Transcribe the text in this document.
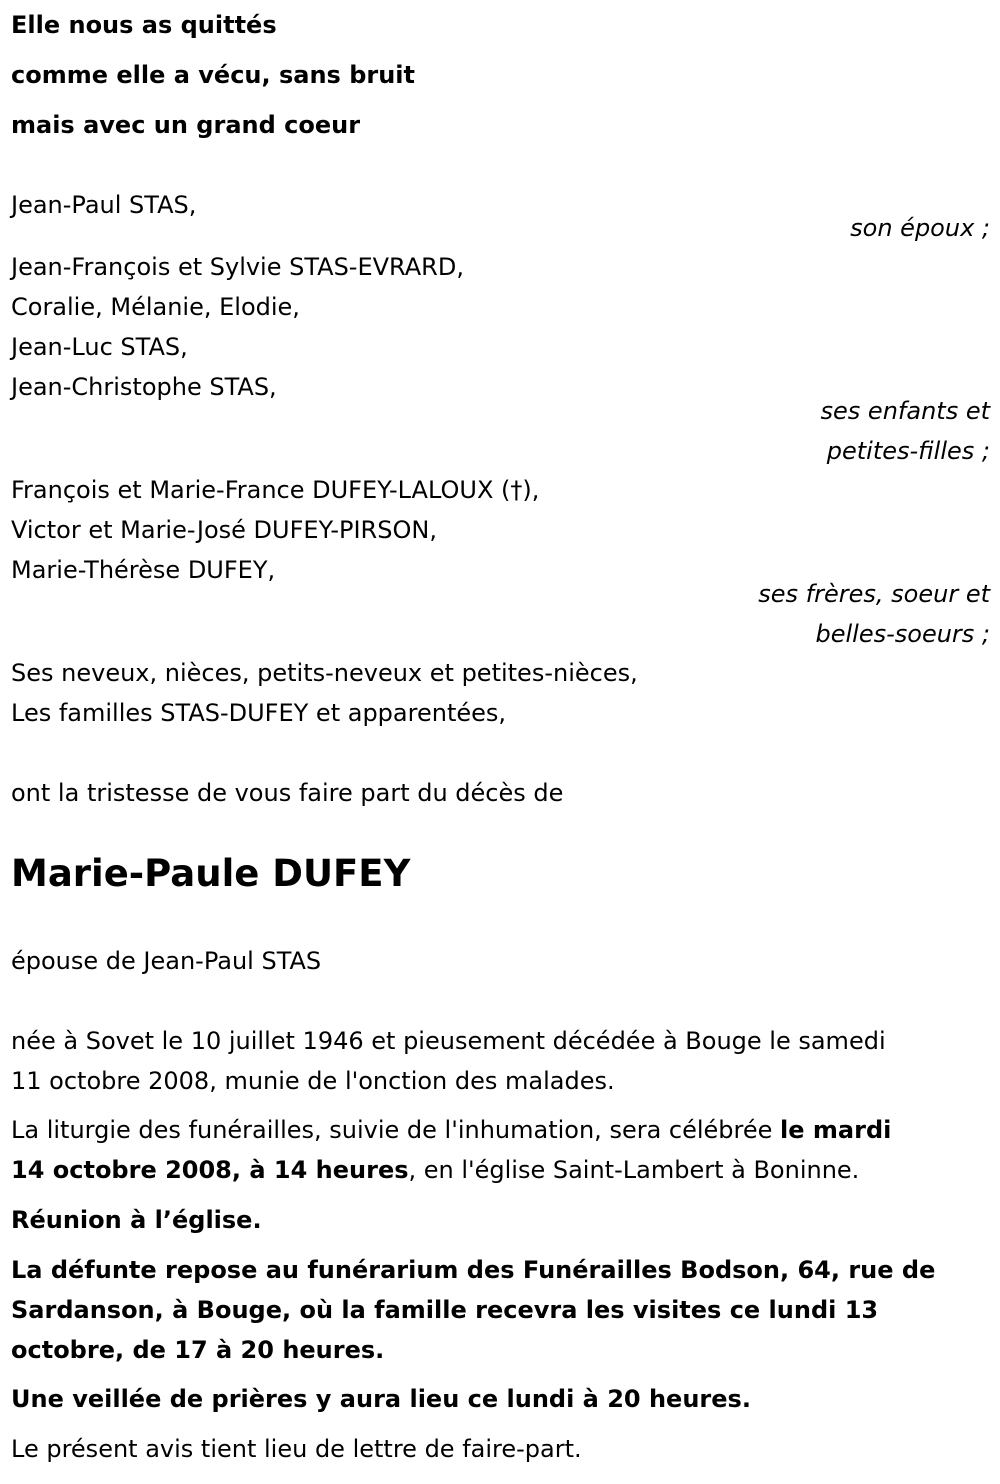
Elle nous as quittés
comme elle a vécu, sans bruit
mais avec un grand coeur
Jean-Paul STAS,
son époux ;
Jean-François et Sylvie STAS-EVRARD,
Coralie, Mélanie, Elodie,
Jean-Luc STAS,
Jean-Christophe STAS,
ses enfants et
petites-filles ;
François et Marie-France DUFEY-LALOUX (†),
Victor et Marie-José DUFEY-PIRSON,
Marie-Thérèse DUFEY,
ses frères, soeur et
belles-soeurs ;
Ses neveux, nièces, petits-neveux et petites-nièces,
Les familles STAS-DUFEY et apparentées,
ont la tristesse de vous faire part du décès de
Marie-Paule DUFEY
épouse de Jean-Paul STAS
née à Sovet le 10 juillet 1946 et pieusement décédée à Bouge le samedi
11 octobre 2008, munie de l'onction des malades.
La liturgie des funérailles, suivie de l'inhumation, sera célébrée le mardi
14 octobre 2008, à 14 heures, en l'église Saint-Lambert à Boninne.
Réunion à l’église.
La défunte repose au funérarium des Funérailles Bodson, 64, rue de
Sardanson, à Bouge, où la famille recevra les visites ce lundi 13
octobre, de 17 à 20 heures.
Une veillée de prières y aura lieu ce lundi à 20 heures.
Le présent avis tient lieu de lettre de faire-part.
